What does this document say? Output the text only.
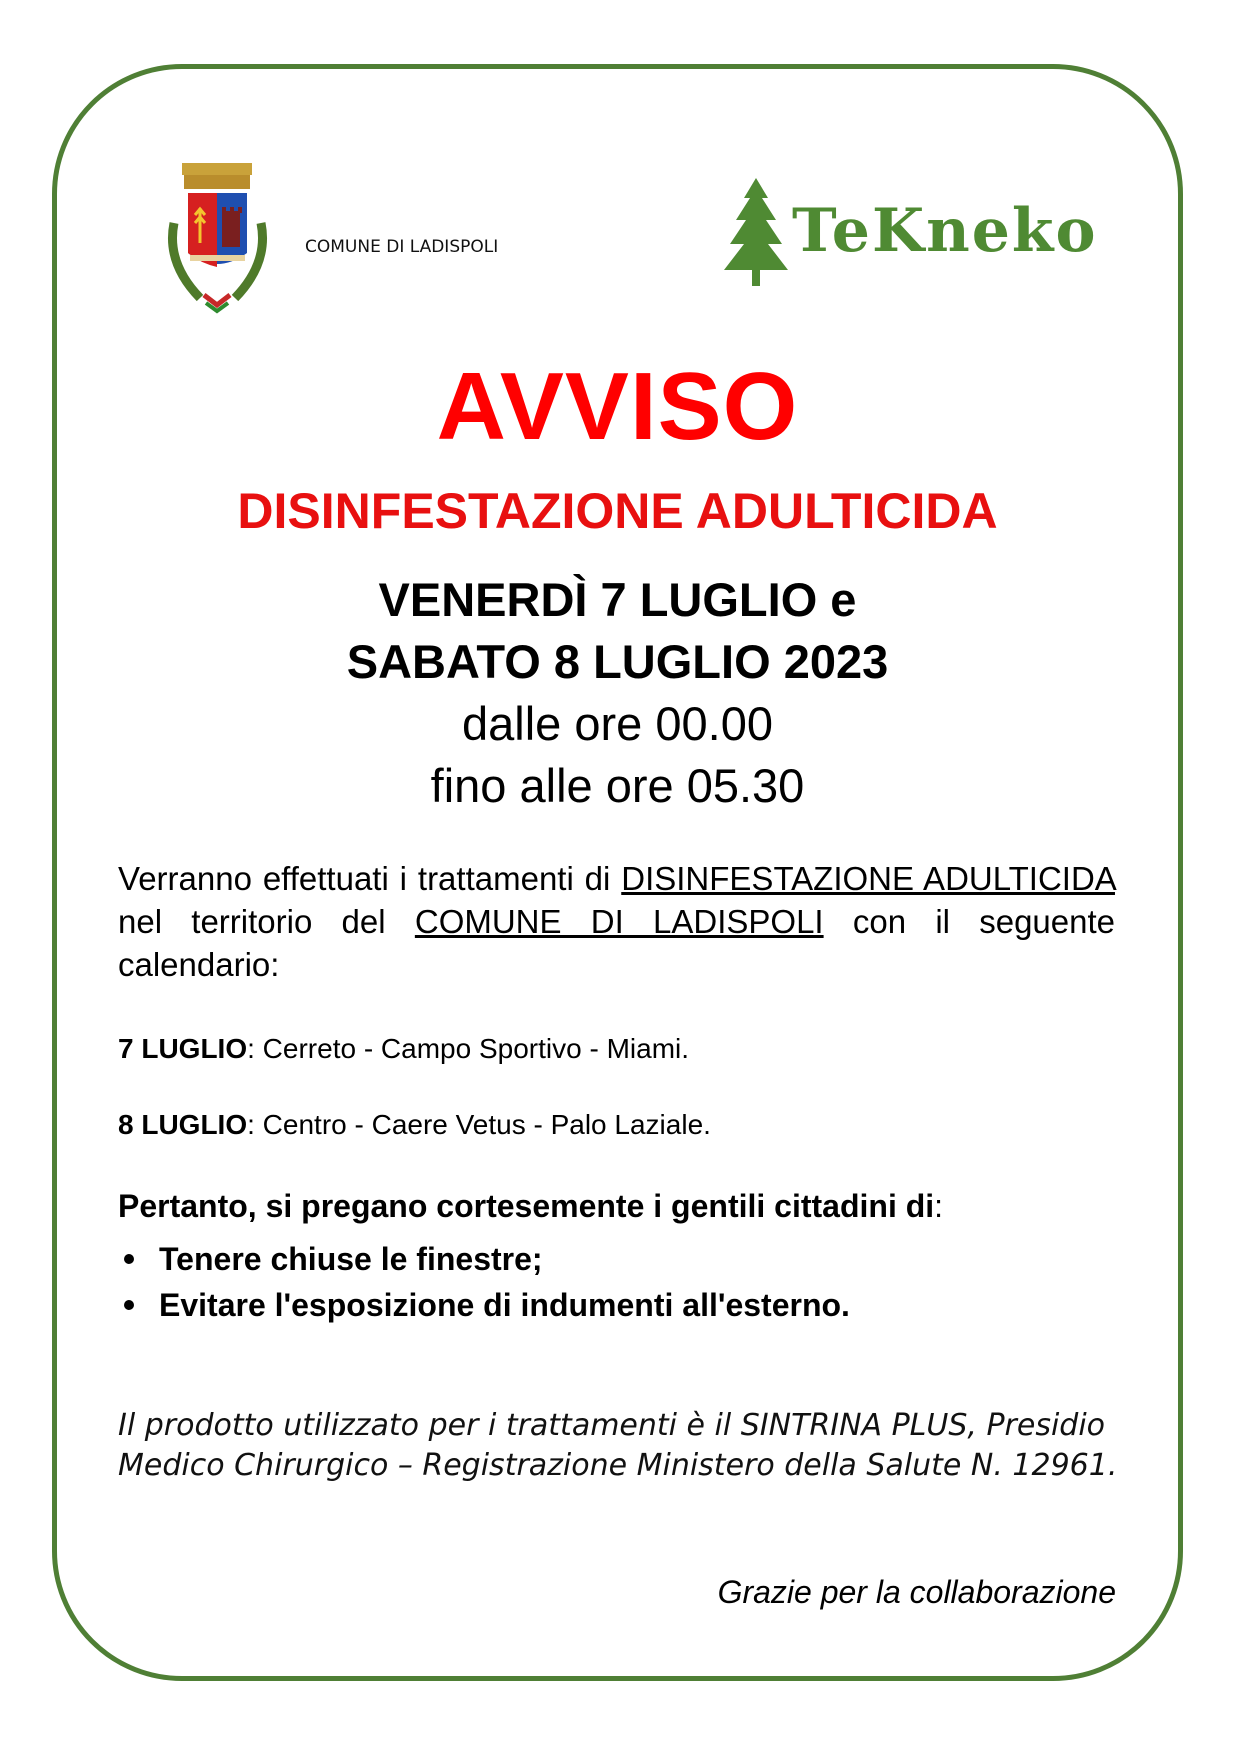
COMUNE DI LADISPOLI	TeKneko
AVVISO
DISINFESTAZIONE ADULTICIDA
VENERDÌ 7 LUGLIO e
SABATO 8 LUGLIO 2023
dalle ore 00.00
fino alle ore 05.30
Verranno effettuati i trattamenti di DISINFESTAZIONE ADULTICIDA nel territorio del COMUNE DI LADISPOLI con il seguente calendario:
7 LUGLIO: Cerreto - Campo Sportivo - Miami.
8 LUGLIO: Centro - Caere Vetus - Palo Laziale.
Pertanto, si pregano cortesemente i gentili cittadini di:
Tenere chiuse le finestre;
Evitare l'esposizione di indumenti all'esterno.
Il prodotto utilizzato per i trattamenti è il SINTRINA PLUS, Presidio
Medico Chirurgico – Registrazione Ministero della Salute N. 12961.
Grazie per la collaborazione
